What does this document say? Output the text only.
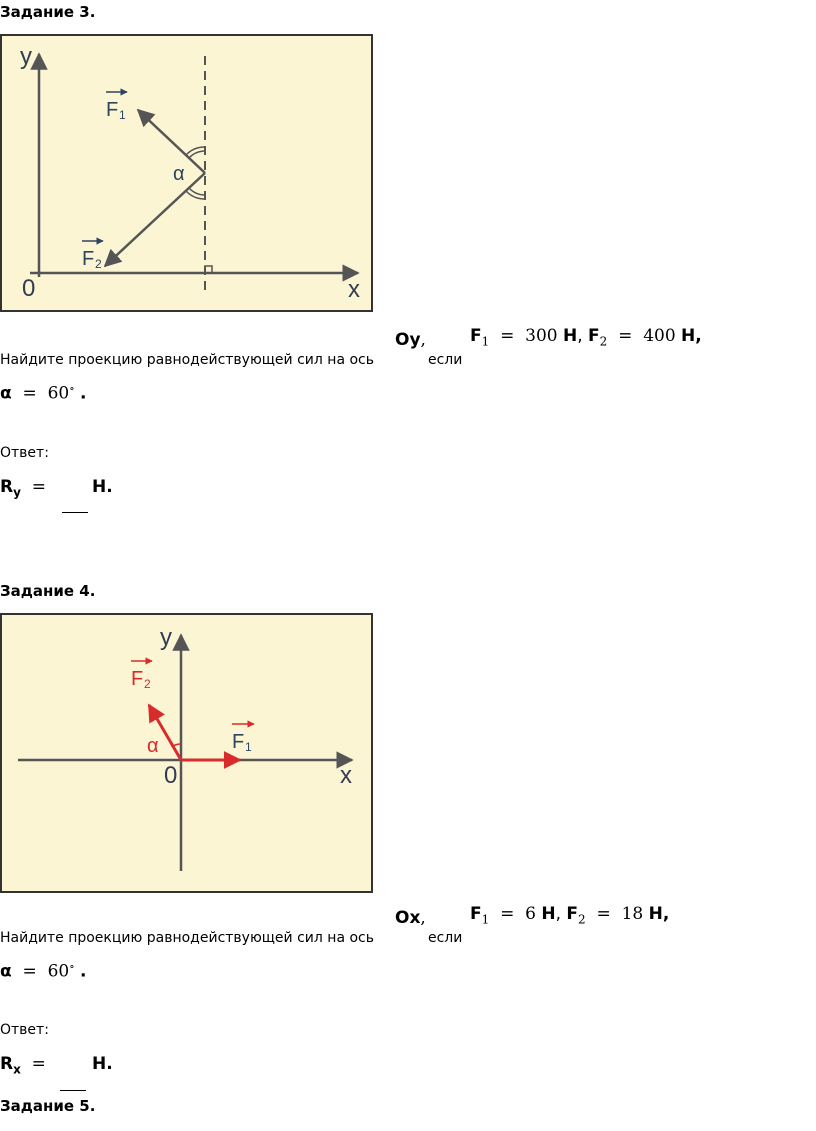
Задание 3.
y
x
0
α
F 1
F 2
Найдите проекцию равнодействующей сил на ось
Oy,
если
$F_1 = 300$ Н, $F_2 = 400$ Н,
α = 60∘ .
Ответ:
$R_y$ =	Н.
Задание 4.
y
x
0
α	F 1
F 2
Найдите проекцию равнодействующей сил на ось
Ox,
если
$F_1 = 6$ Н, $F_2 = 18$ Н,
α = 60∘ .
Ответ:
$R_x$ =	Н.
Задание 5.
